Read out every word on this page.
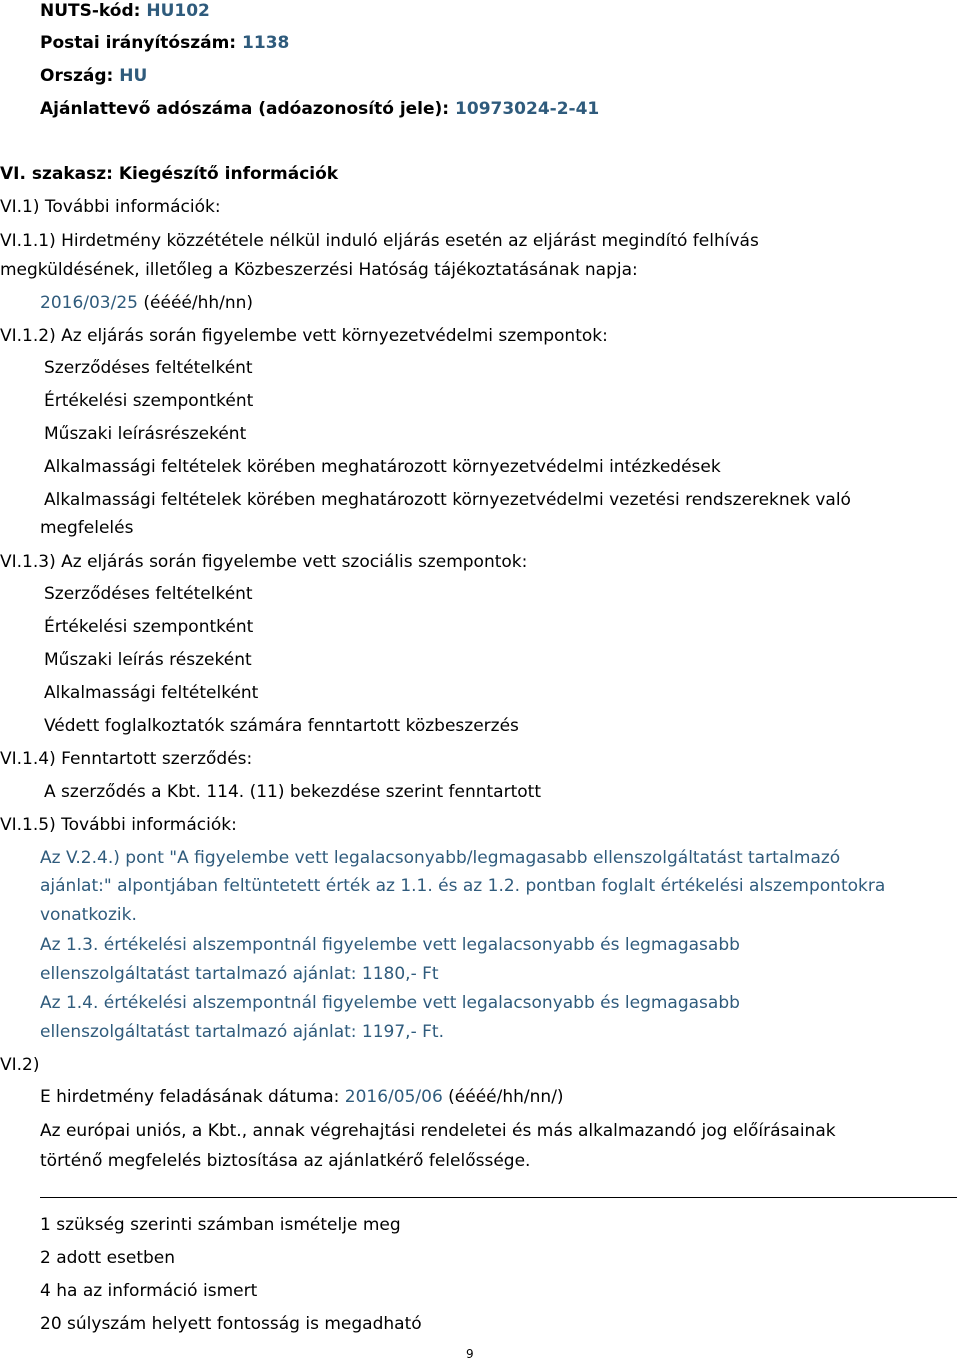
NUTS-kód: HU102

Postai irányítószám: 1138

Ország: HU

Ajánlattevő adószáma (adóazonosító jele): 10973024-2-41

VI. szakasz: Kiegészítő információk

VI.1) További információk:

VI.1.1) Hirdetmény közzététele nélkül induló eljárás esetén az eljárást megindító felhívás

megküldésének, illetőleg a Közbeszerzési Hatóság tájékoztatásának napja:

2016/03/25 (éééé/hh/nn)

VI.1.2) Az eljárás során figyelembe vett környezetvédelmi szempontok:

Szerződéses feltételként

Értékelési szempontként

Műszaki leírásrészeként

Alkalmassági feltételek körében meghatározott környezetvédelmi intézkedések

Alkalmassági feltételek körében meghatározott környezetvédelmi vezetési rendszereknek való

megfelelés

VI.1.3) Az eljárás során figyelembe vett szociális szempontok:

Szerződéses feltételként

Értékelési szempontként

Műszaki leírás részeként

Alkalmassági feltételként

Védett foglalkoztatók számára fenntartott közbeszerzés

VI.1.4) Fenntartott szerződés:

A szerződés a Kbt. 114. (11) bekezdése szerint fenntartott

VI.1.5) További információk:

Az V.2.4.) pont "A figyelembe vett legalacsonyabb/legmagasabb ellenszolgáltatást tartalmazó

ajánlat:" alpontjában feltüntetett érték az 1.1. és az 1.2. pontban foglalt értékelési alszempontokra

vonatkozik.

Az 1.3. értékelési alszempontnál figyelembe vett legalacsonyabb és legmagasabb

ellenszolgáltatást tartalmazó ajánlat: 1180,- Ft

Az 1.4. értékelési alszempontnál figyelembe vett legalacsonyabb és legmagasabb

ellenszolgáltatást tartalmazó ajánlat: 1197,- Ft.

VI.2)

E hirdetmény feladásának dátuma: 2016/05/06 (éééé/hh/nn/)

Az európai uniós, a Kbt., annak végrehajtási rendeletei és más alkalmazandó jog előírásainak

történő megfelelés biztosítása az ajánlatkérő felelőssége.

1 szükség szerinti számban ismételje meg

2 adott esetben

4 ha az információ ismert

20 súlyszám helyett fontosság is megadható

9
